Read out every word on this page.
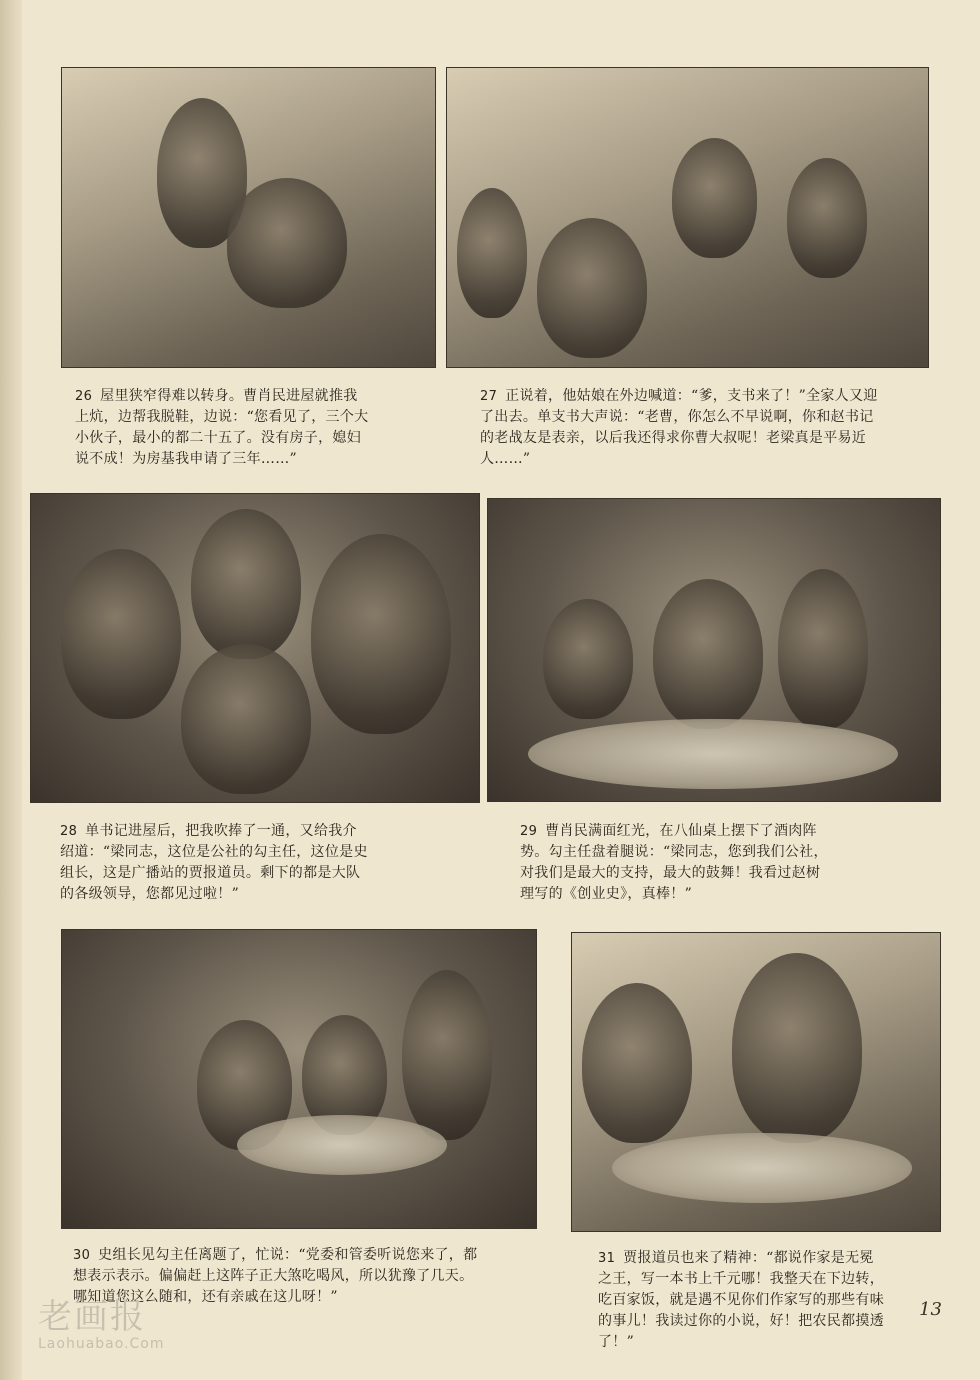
26 屋里狭窄得难以转身。曹肖民进屋就推我
上炕，边帮我脱鞋，边说：“您看见了，三个大
小伙子，最小的都二十五了。没有房子，媳妇
说不成！为房基我申请了三年……”
27 正说着，他姑娘在外边喊道：“爹，支书来了！”全家人又迎
了出去。单支书大声说：“老曹，你怎么不早说啊，你和赵书记
的老战友是表亲，以后我还得求你曹大叔呢！老梁真是平易近
人……”
28 单书记进屋后，把我吹捧了一通，又给我介
绍道：“梁同志，这位是公社的勾主任，这位是史
组长，这是广播站的贾报道员。剩下的都是大队
的各级领导，您都见过啦！”
29 曹肖民满面红光，在八仙桌上摆下了酒肉阵
势。勾主任盘着腿说：“梁同志，您到我们公社，
对我们是最大的支持，最大的鼓舞！我看过赵树
理写的《创业史》，真棒！”
30 史组长见勾主任离题了，忙说：“党委和管委听说您来了，都
想表示表示。偏偏赶上这阵子正大煞吃喝风，所以犹豫了几天。
哪知道您这么随和，还有亲戚在这儿呀！”
31 贾报道员也来了精神：“都说作家是无冕
之王，写一本书上千元哪！我整天在下边转，
吃百家饭，就是遇不见你们作家写的那些有味
的事儿！我读过你的小说，好！把农民都摸透
了！”
老画报
Laohuabao.Com
13
